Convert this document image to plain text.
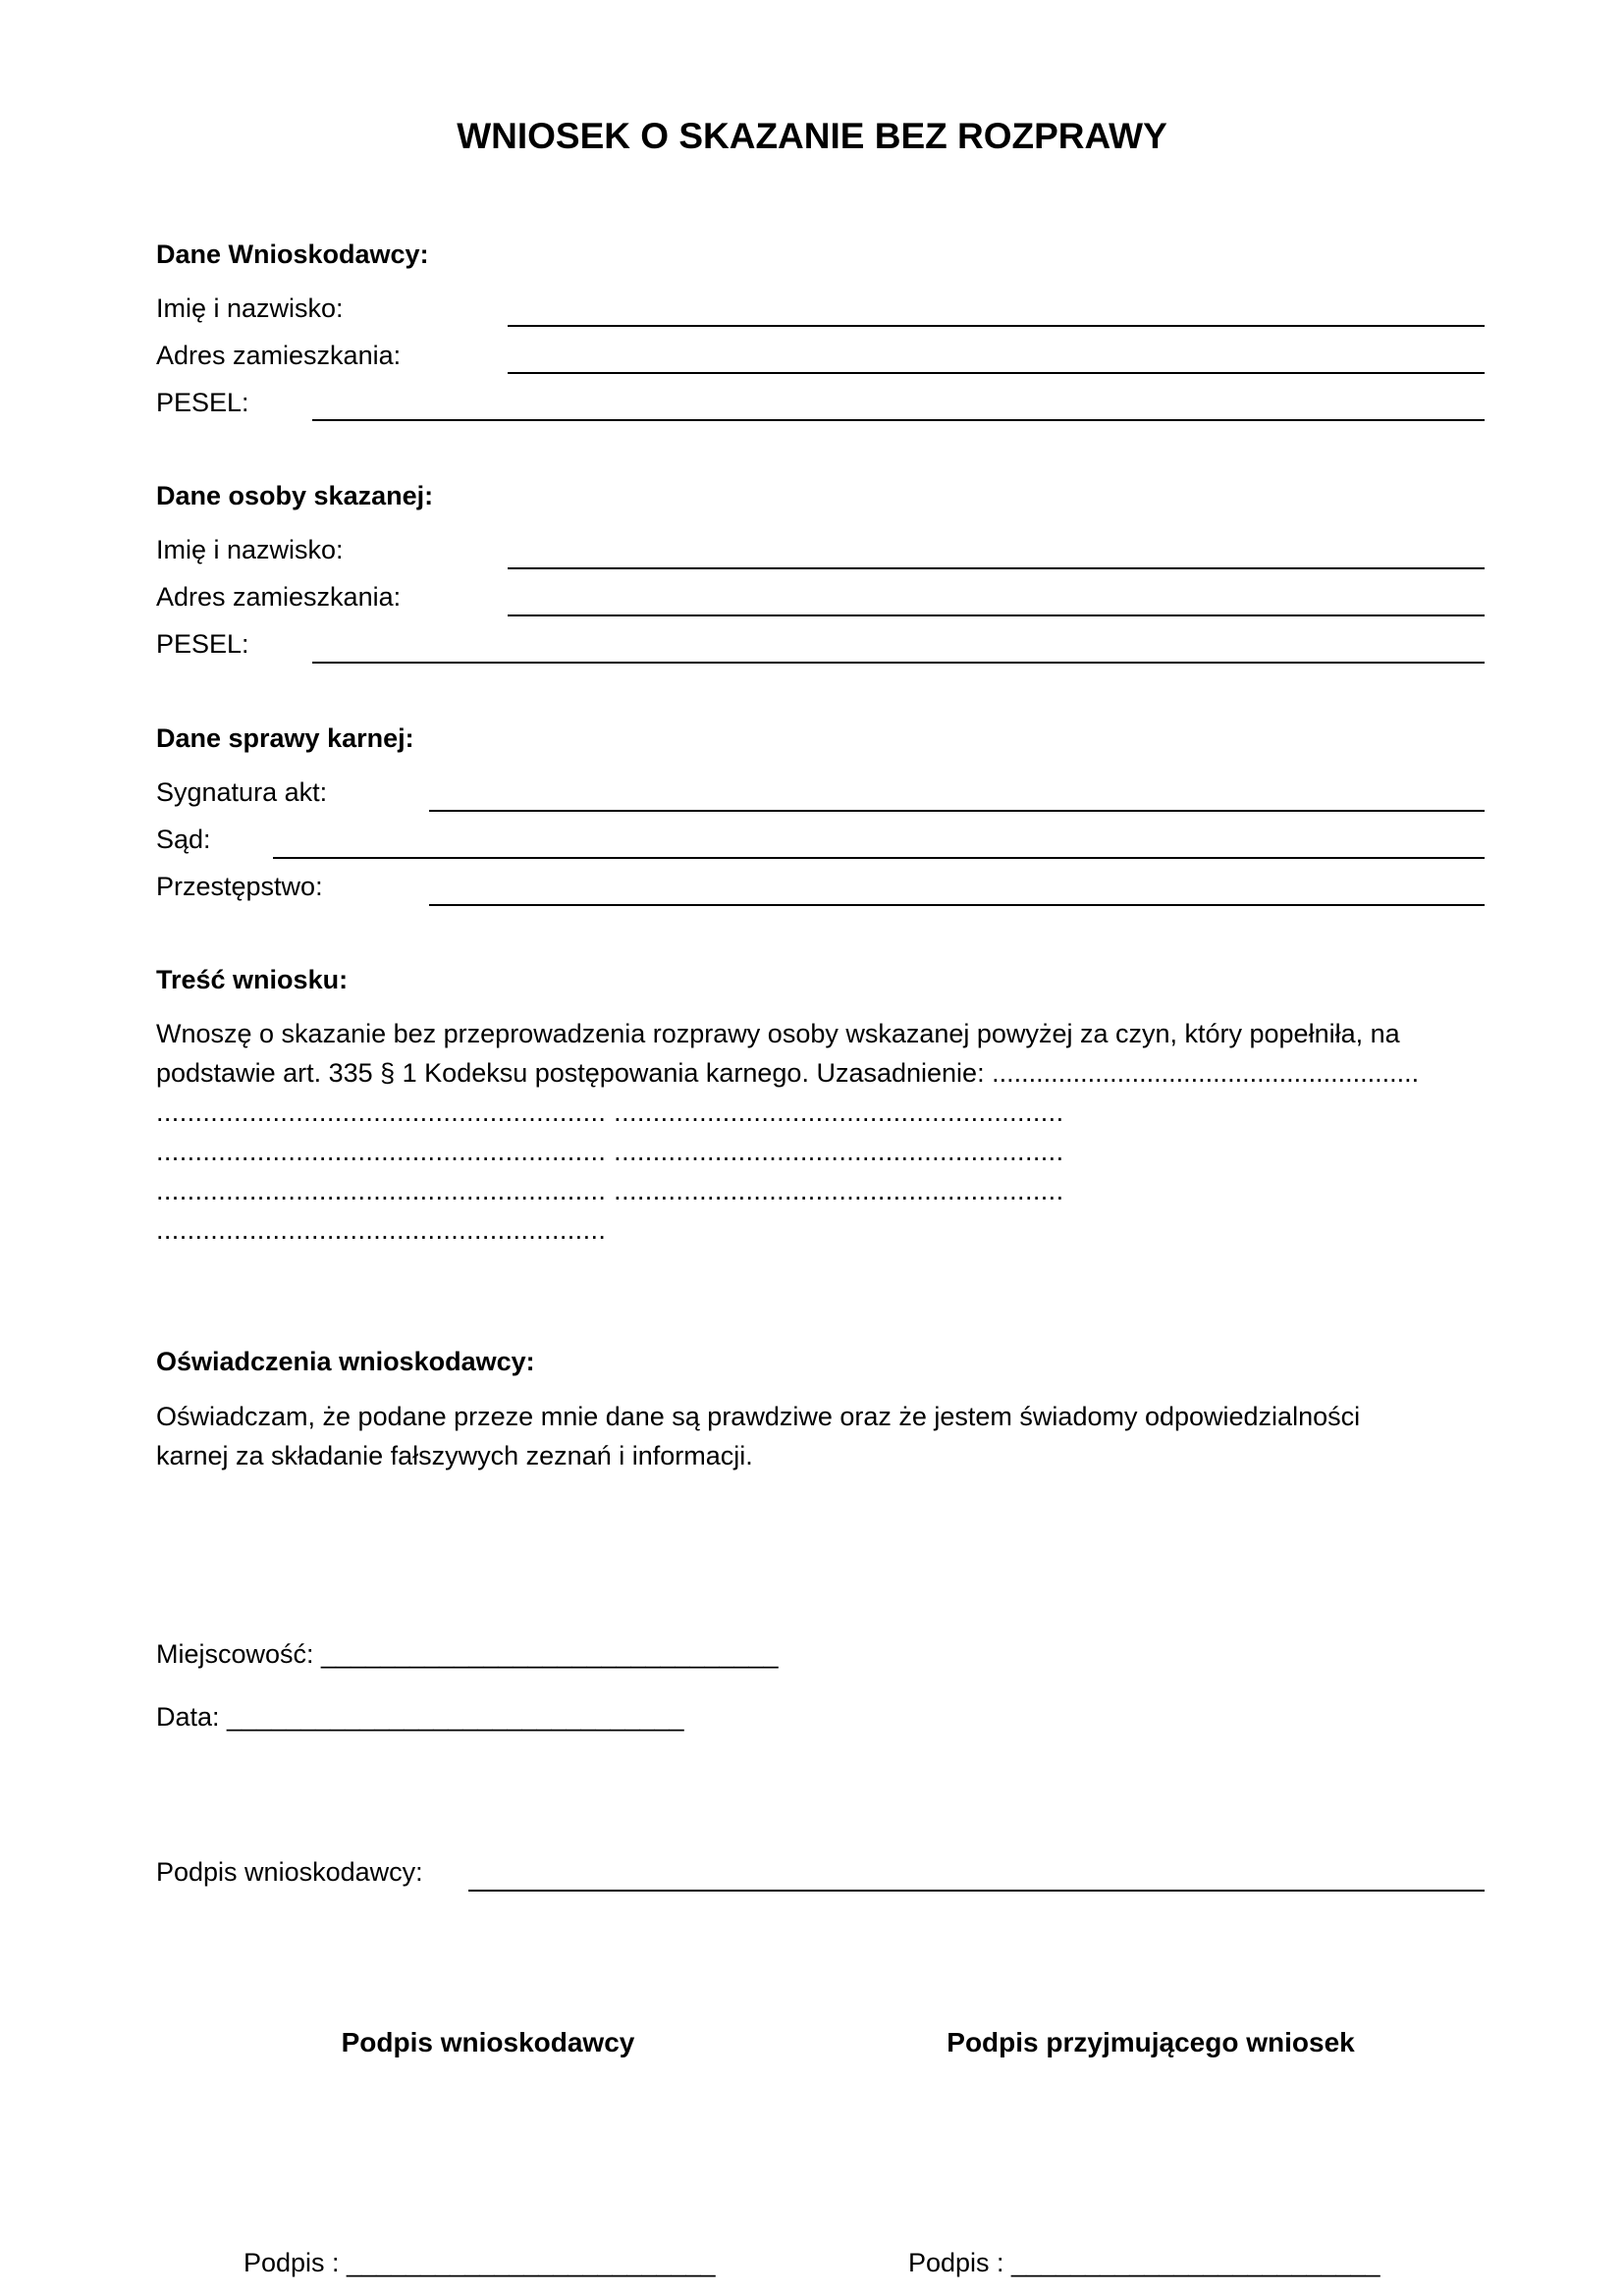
WNIOSEK O SKAZANIE BEZ ROZPRAWY
Dane Wnioskodawcy:
Imię i nazwisko:
Adres zamieszkania:
PESEL:
Dane osoby skazanej:
Imię i nazwisko:
Adres zamieszkania:
PESEL:
Dane sprawy karnej:
Sygnatura akt:
Sąd:
Przestępstwo:
Treść wniosku:
Wnoszę o skazanie bez przeprowadzenia rozprawy osoby wskazanej powyżej za czyn, który popełniła, na
podstawie art. 335 § 1 Kodeksu postępowania karnego. Uzasadnienie: ..........................................................
.......................................................... ..........................................................
.......................................................... ..........................................................
.......................................................... ..........................................................
..........................................................
Oświadczenia wnioskodawcy:
Oświadczam, że podane przeze mnie dane są prawdziwe oraz że jestem świadomy odpowiedzialności
karnej za składanie fałszywych zeznań i informacji.
Miejscowość: _______________________________
Data: _______________________________
Podpis wnioskodawcy:
Podpis wnioskodawcy	Podpis przyjmującego wniosek
Podpis : _________________________	Podpis : _________________________
